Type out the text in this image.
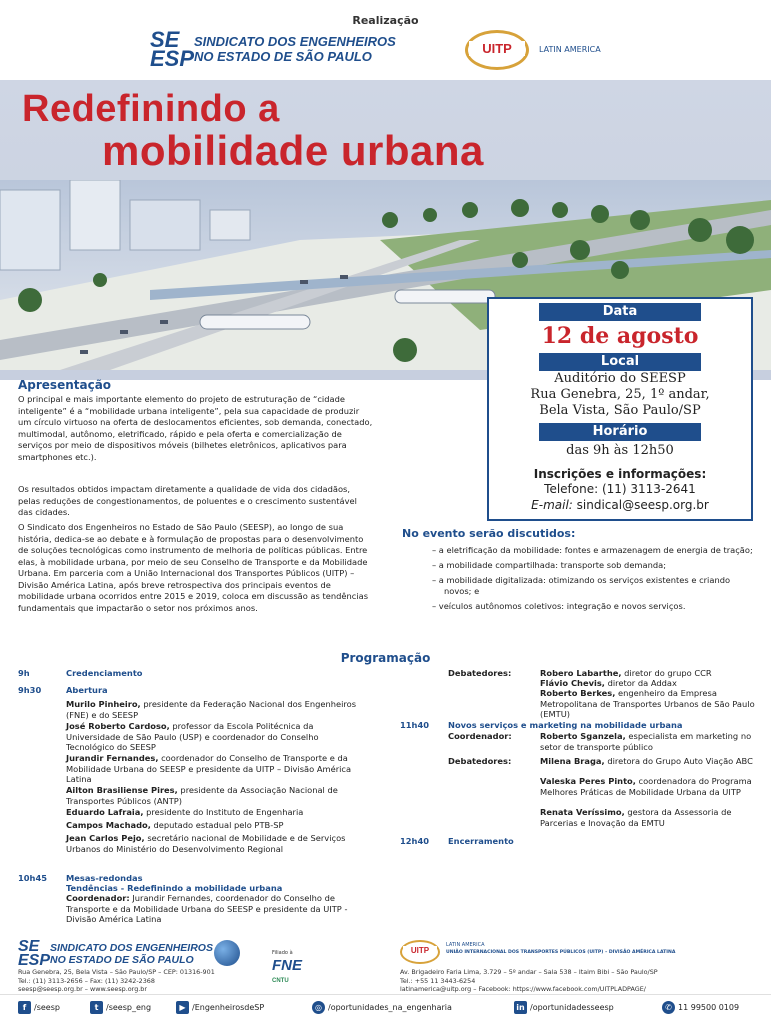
Realização
SE
ESP
SINDICATO DOS ENGENHEIROS
NO ESTADO DE SÃO PAULO
UITP	LATIN AMERICA
Redefinindo a
mobilidade urbana
Data
12 de agosto
Local
Auditório do SEESP
Rua Genebra, 25, 1º andar,
Bela Vista, São Paulo/SP
Horário
das 9h às 12h50
Inscrições e informações:
Telefone: (11) 3113-2641
E-mail: sindical@seesp.org.br
Apresentação
O principal e mais importante elemento do projeto de estruturação de “cidade inteligente” é a “mobilidade urbana inteligente”, pela sua capacidade de produzir um círculo virtuoso na oferta de deslocamentos eficientes, sob demanda, conectado, multimodal, autônomo, eletrificado, rápido e pela oferta e comercialização de serviços por meio de dispositivos móveis (bilhetes eletrônicos, aplicativos para smartphones etc.).
Os resultados obtidos impactam diretamente a qualidade de vida dos cidadãos, pelas reduções de congestionamentos, de poluentes e o crescimento sustentável das cidades.
O Sindicato dos Engenheiros no Estado de São Paulo (SEESP), ao longo de sua história, dedica-se ao debate e à formulação de propostas para o desenvolvimento de soluções tecnológicas como instrumento de melhoria de políticas públicas. Entre elas, à mobilidade urbana, por meio de seu Conselho de Transporte e da Mobilidade Urbana. Em parceria com a União Internacional dos Transportes Públicos (UITP) – Divisão América Latina, após breve retrospectiva dos principais eventos de mobilidade urbana ocorridos entre 2015 e 2019, coloca em discussão as tendências fundamentais que impactarão o setor nos próximos anos.
No evento serão discutidos:
– a eletrificação da mobilidade: fontes e armazenagem de energia de tração;
– a mobilidade compartilhada: transporte sob demanda;
– a mobilidade digitalizada: otimizando os serviços existentes e criando novos; e
– veículos autônomos coletivos: integração e novos serviços.
Programação
9h	Credenciamento
9h30	Abertura
Murilo Pinheiro, presidente da Federação Nacional dos Engenheiros (FNE) e do SEESP
José Roberto Cardoso, professor da Escola Politécnica da Universidade de São Paulo (USP) e coordenador do Conselho Tecnológico do SEESP
Jurandir Fernandes, coordenador do Conselho de Transporte e da Mobilidade Urbana do SEESP e presidente da UITP – Divisão América Latina
Ailton Brasiliense Pires, presidente da Associação Nacional de Transportes Públicos (ANTP)
Eduardo Lafraia, presidente do Instituto de Engenharia
Campos Machado, deputado estadual pelo PTB-SP
Jean Carlos Pejo, secretário nacional de Mobilidade e de Serviços Urbanos do Ministério do Desenvolvimento Regional
10h45 Mesas-redondas
Tendências - Redefinindo a mobilidade urbana
Coordenador: Jurandir Fernandes, coordenador do Conselho de Transporte e da Mobilidade Urbana do SEESP e presidente da UITP - Divisão América Latina
Debatedores:	Robero Labarthe, diretor do grupo CCR
Flávio Chevis, diretor da Addax
Roberto Berkes, engenheiro da Empresa Metropolitana de Transportes Urbanos de São Paulo (EMTU)
11h40 Novos serviços e marketing na mobilidade urbana
Coordenador:	Roberto Sganzela, especialista em marketing no setor de transporte público
Debatedores:	Milena Braga, diretora do Grupo Auto Viação ABC
Valeska Peres Pinto, coordenadora do Programa Melhores Práticas de Mobilidade Urbana da UITP
Renata Veríssimo, gestora da Assessoria de Parcerias e Inovação da EMTU
12h40 Encerramento
SE
ESP
SINDICATO DOS ENGENHEIROS
NO ESTADO DE SÃO PAULO
Rua Genebra, 25, Bela Vista – São Paulo/SP – CEP: 01316-901
Tel.: (11) 3113-2656 – Fax: (11) 3242-2368
seesp@seesp.org.br – www.seesp.org.br
Filiado à
FNE
CNTU
UITP
LATIN AMERICA
UNIÃO INTERNACIONAL DOS TRANSPORTES PÚBLICOS (UITP) – DIVISÃO AMÉRICA LATINA
Av. Brigadeiro Faria Lima, 3.729 – 5º andar – Sala 538 – Itaim Bibi – São Paulo/SP
Tel.: +55 11 3443-6254
latinamerica@uitp.org – Facebook: https://www.facebook.com/UITPLADPAGE/
f /seesp	t /seesp_eng	▶ /EngenheirosdeSP	◎ /oportunidades_na_engenharia	in /oportunidadesseesp	✆ 11 99500 0109
